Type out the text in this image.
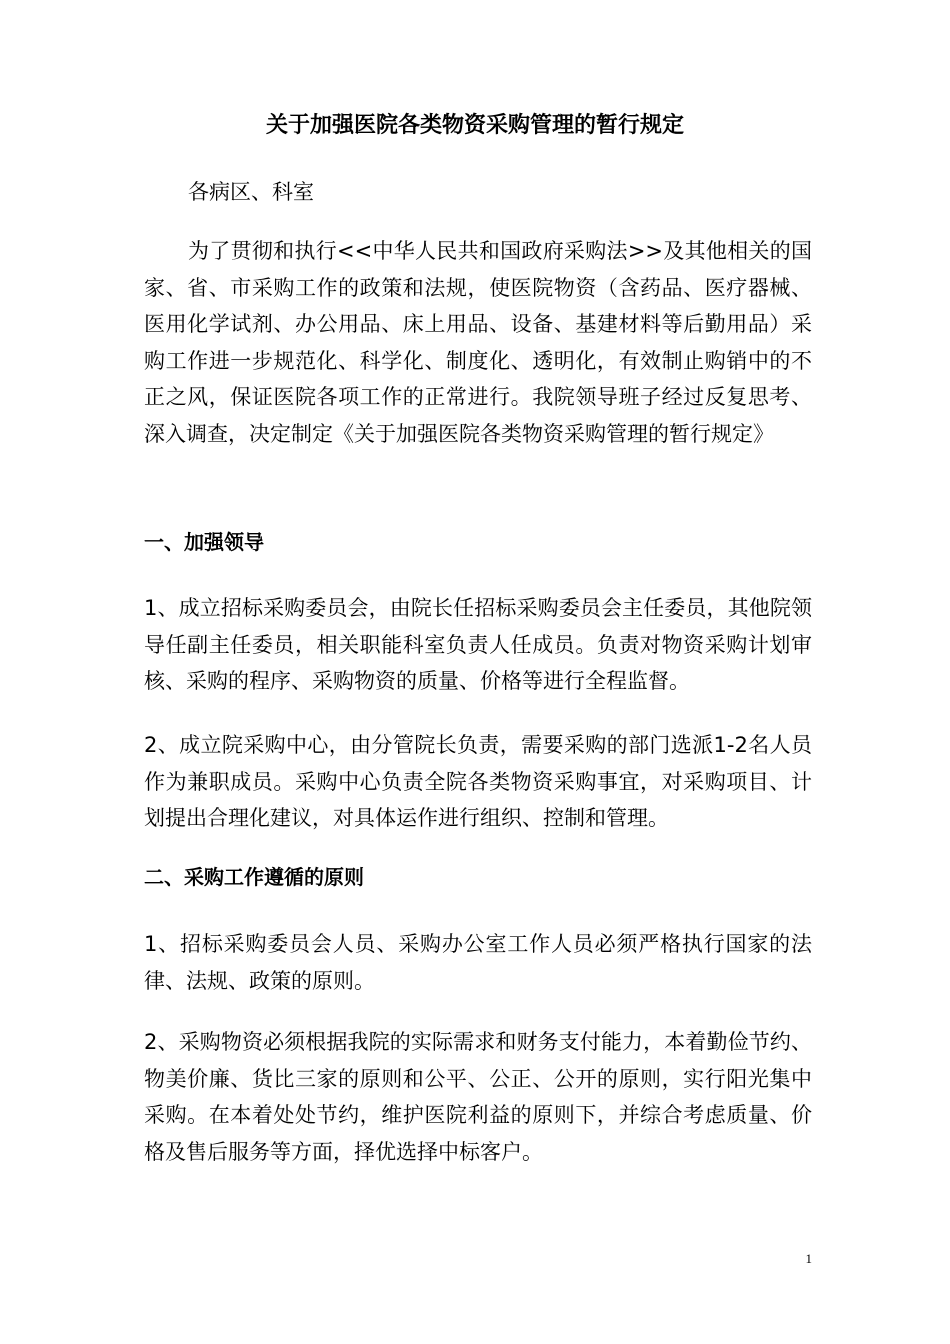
关于加强医院各类物资采购管理的暂行规定

各病区、科室

为了贯彻和执行<<中华人民共和国政府采购法>>及其他相关的国家、省、市采购工作的政策和法规，使医院物资（含药品、医疗器械、医用化学试剂、办公用品、床上用品、设备、基建材料等后勤用品）采购工作进一步规范化、科学化、制度化、透明化，有效制止购销中的不正之风，保证医院各项工作的正常进行。我院领导班子经过反复思考、深入调查，决定制定《关于加强医院各类物资采购管理的暂行规定》

一、加强领导

1、成立招标采购委员会，由院长任招标采购委员会主任委员，其他院领导任副主任委员，相关职能科室负责人任成员。负责对物资采购计划审核、采购的程序、采购物资的质量、价格等进行全程监督。

2、成立院采购中心，由分管院长负责，需要采购的部门选派1-2名人员作为兼职成员。采购中心负责全院各类物资采购事宜，对采购项目、计划提出合理化建议，对具体运作进行组织、控制和管理。

二、采购工作遵循的原则

1、招标采购委员会人员、采购办公室工作人员必须严格执行国家的法律、法规、政策的原则。

2、采购物资必须根据我院的实际需求和财务支付能力，本着勤俭节约、物美价廉、货比三家的原则和公平、公正、公开的原则，实行阳光集中采购。在本着处处节约，维护医院利益的原则下，并综合考虑质量、价格及售后服务等方面，择优选择中标客户。

1
